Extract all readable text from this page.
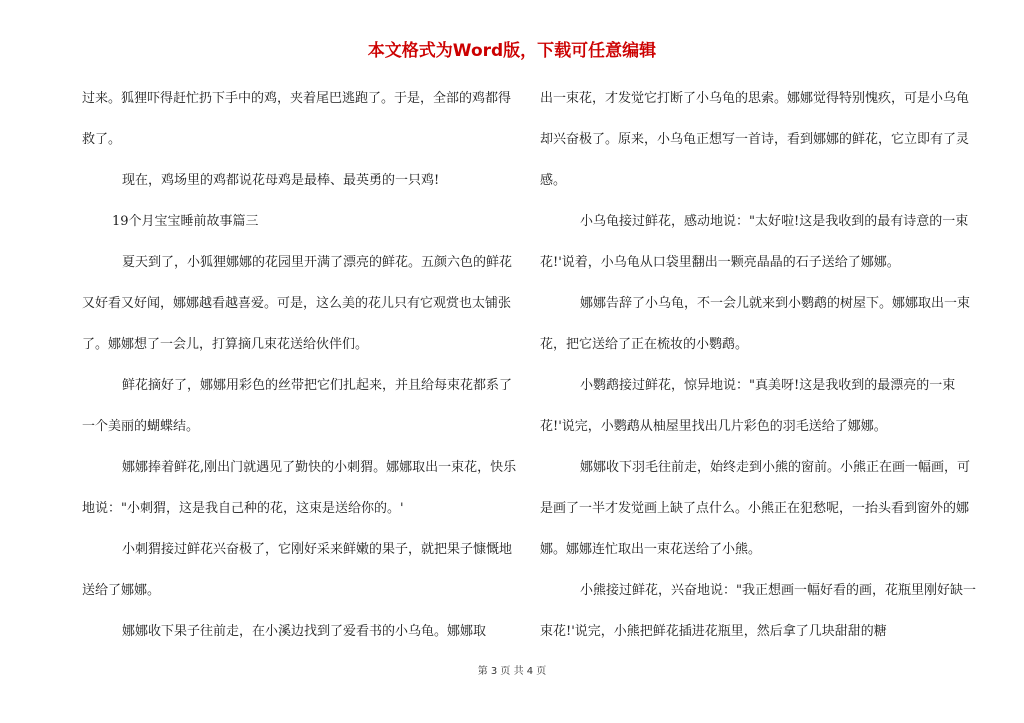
本文格式为Word版，下载可任意编辑

过来。狐狸吓得赶忙扔下手中的鸡，夹着尾巴逃跑了。于是，全部的鸡都得救了。

现在，鸡场里的鸡都说花母鸡是最棒、最英勇的一只鸡!

19个月宝宝睡前故事篇三

夏天到了，小狐狸娜娜的花园里开满了漂亮的鲜花。五颜六色的鲜花又好看又好闻，娜娜越看越喜爱。可是，这么美的花儿只有它观赏也太铺张了。娜娜想了一会儿，打算摘几束花送给伙伴们。

鲜花摘好了，娜娜用彩色的丝带把它们扎起来，并且给每束花都系了一个美丽的蝴蝶结。

娜娜捧着鲜花,刚出门就遇见了勤快的小刺猬。娜娜取出一束花，快乐地说："小刺猬，这是我自己种的花，这束是送给你的。'

小刺猬接过鲜花兴奋极了，它刚好采来鲜嫩的果子，就把果子慷慨地送给了娜娜。

娜娜收下果子往前走，在小溪边找到了爱看书的小乌龟。娜娜取

出一束花，才发觉它打断了小乌龟的思索。娜娜觉得特别愧疚，可是小乌龟却兴奋极了。原来，小乌龟正想写一首诗，看到娜娜的鲜花，它立即有了灵感。

小乌龟接过鲜花，感动地说："太好啦!这是我收到的最有诗意的一束花!'说着，小乌龟从口袋里翻出一颗亮晶晶的石子送给了娜娜。

娜娜告辞了小乌龟，不一会儿就来到小鹦鹉的树屋下。娜娜取出一束花，把它送给了正在梳妆的小鹦鹉。

小鹦鹉接过鲜花，惊异地说："真美呀!这是我收到的最漂亮的一束花!'说完，小鹦鹉从柚屋里找出几片彩色的羽毛送给了娜娜。

娜娜收下羽毛往前走，始终走到小熊的窗前。小熊正在画一幅画，可是画了一半才发觉画上缺了点什么。小熊正在犯愁呢，一抬头看到窗外的娜娜。娜娜连忙取出一束花送给了小熊。

小熊接过鲜花，兴奋地说："我正想画一幅好看的画，花瓶里刚好缺一束花!'说完，小熊把鲜花插进花瓶里，然后拿了几块甜甜的糖

第 3 页 共 4 页
